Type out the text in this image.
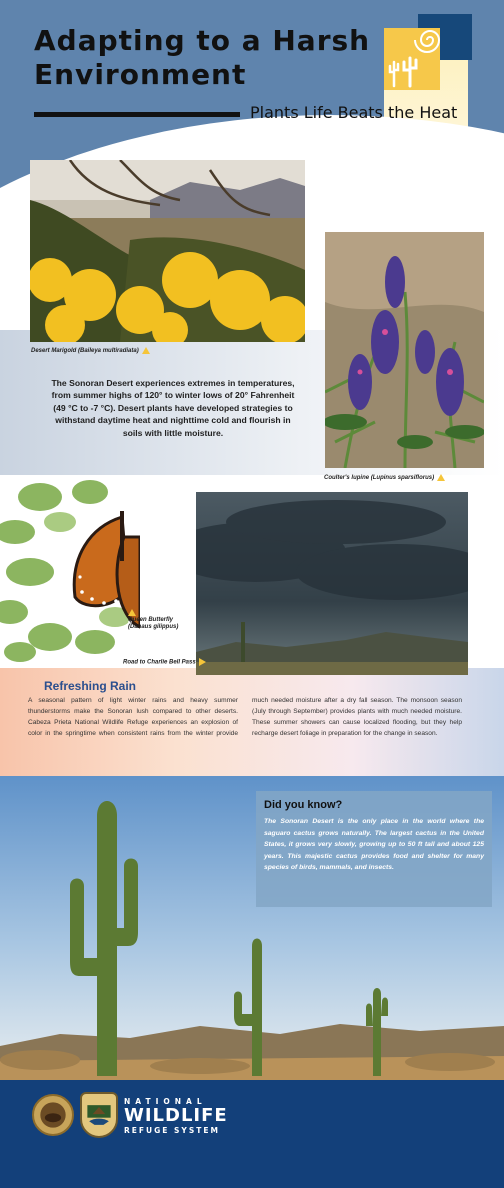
Adapting to a Harsh
Environment
Plants Life Beats the Heat
Desert Marigold (Baileya multiradiata)
Coulter's lupine (Lupinus sparsiflorus)
The Sonoran Desert experiences extremes in temperatures, from summer highs of 120° to winter lows of 20° Fahrenheit (49 °C to -7 °C). Desert plants have developed strategies to withstand daytime heat and nighttime cold and flourish in soils with little moisture.

Queen Butterfly
(Danaus gilippus)
Road to Charlie Bell Pass
Refreshing Rain
A seasonal pattern of light winter rains and heavy summer thunderstorms make the Sonoran lush compared to other deserts. Cabeza Prieta National Wildlife Refuge experiences an explosion of color in the springtime when consistent rains from the winter provide much needed moisture after a dry fall season. The monsoon season (July through September) provides plants with much needed moisture. These summer showers can cause localized flooding, but they help recharge desert foliage in preparation for the change in season.
Did you know?
The Sonoran Desert is the only place in the world where the saguaro cactus grows naturally. The largest cactus in the United States, it grows very slowly, growing up to 50 ft tall and about 125 years. This majestic cactus provides food and shelter for many species of birds, mammals, and insects.
NATIONAL
WILDLIFE
REFUGE SYSTEM
